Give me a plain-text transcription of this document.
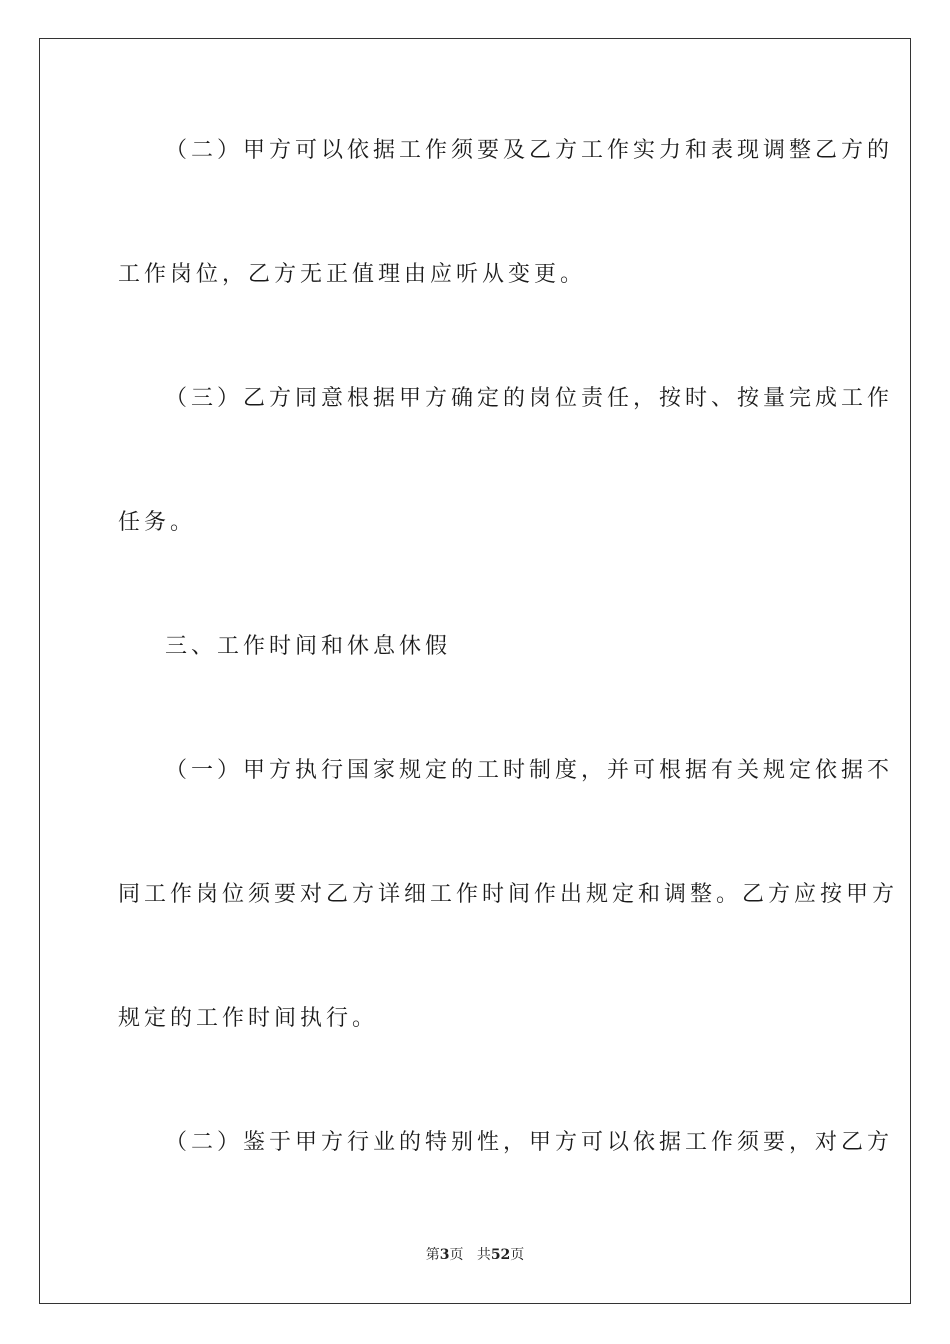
（二）甲方可以依据工作须要及乙方工作实力和表现调整乙方的
工作岗位，乙方无正值理由应听从变更。
（三）乙方同意根据甲方确定的岗位责任，按时、按量完成工作
任务。
三、工作时间和休息休假
（一）甲方执行国家规定的工时制度，并可根据有关规定依据不
同工作岗位须要对乙方详细工作时间作出规定和调整。乙方应按甲方
规定的工作时间执行。
（二）鉴于甲方行业的特别性，甲方可以依据工作须要，对乙方
第3页 共52页
